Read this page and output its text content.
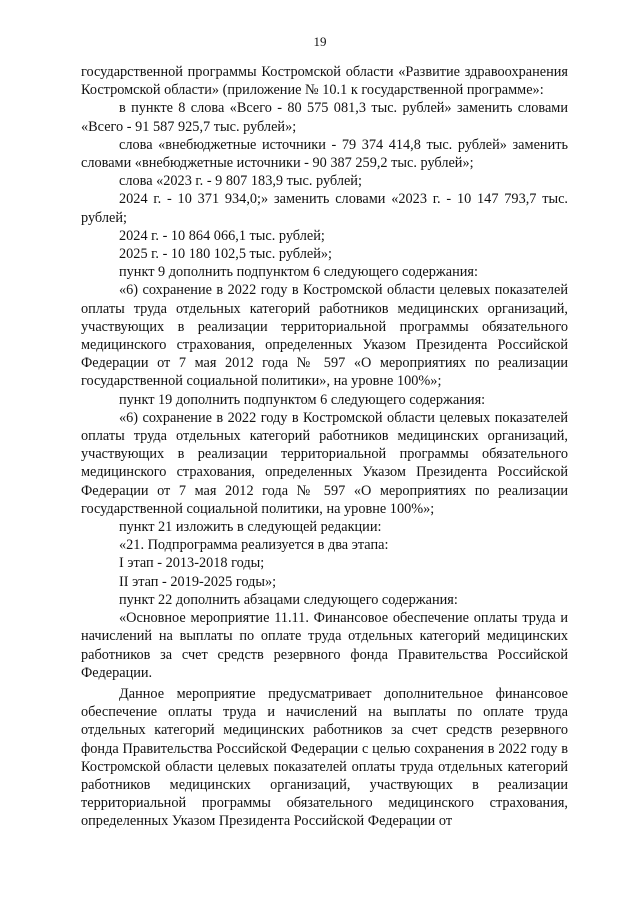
19

государственной программы Костромской области «Развитие здравоохранения Костромской области» (приложение № 10.1 к государственной программе»:

в пункте 8 слова «Всего - 80 575 081,3 тыс. рублей» заменить словами «Всего - 91 587 925,7 тыс. рублей»;

слова «внебюджетные источники - 79 374 414,8 тыс. рублей» заменить словами «внебюджетные источники - 90 387 259,2 тыс. рублей»;

слова «2023 г. - 9 807 183,9 тыс. рублей;

2024 г. - 10 371 934,0;» заменить словами «2023 г. - 10 147 793,7 тыс. рублей;

2024 г. - 10 864 066,1 тыс. рублей;

2025 г. - 10 180 102,5 тыс. рублей»;

пункт 9 дополнить подпунктом 6 следующего содержания:

«6) сохранение в 2022 году в Костромской области целевых показателей оплаты труда отдельных категорий работников медицинских организаций, участвующих в реализации территориальной программы обязательного медицинского страхования, определенных Указом Президента Российской Федерации от 7 мая 2012 года № 597 «О мероприятиях по реализации государственной социальной политики», на уровне 100%»;

пункт 19 дополнить подпунктом 6 следующего содержания:

«6) сохранение в 2022 году в Костромской области целевых показателей оплаты труда отдельных категорий работников медицинских организаций, участвующих в реализации территориальной программы обязательного медицинского страхования, определенных Указом Президента Российской Федерации от 7 мая 2012 года № 597 «О мероприятиях по реализации государственной социальной политики, на уровне 100%»;

пункт 21 изложить в следующей редакции:

«21. Подпрограмма реализуется в два этапа:

I этап - 2013-2018 годы;

II этап - 2019-2025 годы»;

пункт 22 дополнить абзацами следующего содержания:

«Основное мероприятие 11.11. Финансовое обеспечение оплаты труда и начислений на выплаты по оплате труда отдельных категорий медицинских работников за счет средств резервного фонда Правительства Российской Федерации.

Данное мероприятие предусматривает дополнительное финансовое обеспечение оплаты труда и начислений на выплаты по оплате труда отдельных категорий медицинских работников за счет средств резервного фонда Правительства Российской Федерации с целью сохранения в 2022 году в Костромской области целевых показателей оплаты труда отдельных категорий работников медицинских организаций, участвующих в реализации территориальной программы обязательного медицинского страхования, определенных Указом Президента Российской Федерации от
